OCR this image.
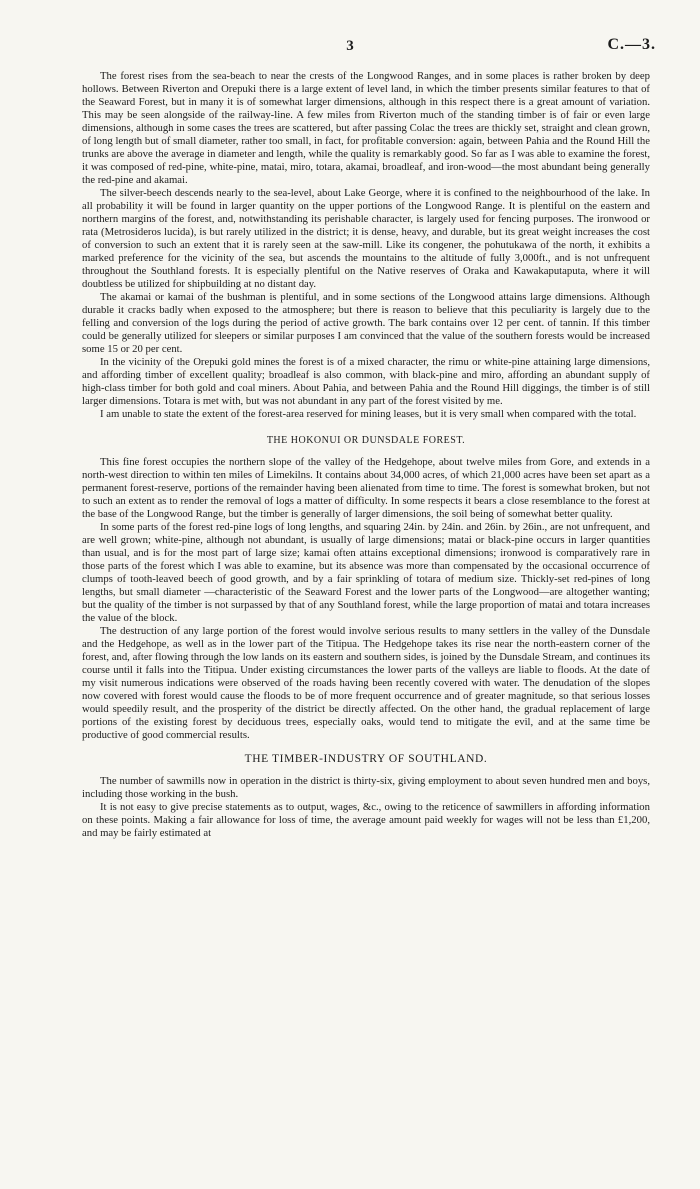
3	C.—3.

The forest rises from the sea-beach to near the crests of the Longwood Ranges, and in some places is rather broken by deep hollows. Between Riverton and Orepuki there is a large extent of level land, in which the timber presents similar features to that of the Seaward Forest, but in many it is of somewhat larger dimensions, although in this respect there is a great amount of variation. This may be seen alongside of the railway-line. A few miles from Riverton much of the standing timber is of fair or even large dimensions, although in some cases the trees are scattered, but after passing Colac the trees are thickly set, straight and clean grown, of long length but of small diameter, rather too small, in fact, for profitable conversion: again, between Pahia and the Round Hill the trunks are above the average in diameter and length, while the quality is remarkably good. So far as I was able to examine the forest, it was composed of red-pine, white-pine, matai, miro, totara, akamai, broadleaf, and iron-wood—the most abundant being generally the red-pine and akamai.

The silver-beech descends nearly to the sea-level, about Lake George, where it is confined to the neighbourhood of the lake. In all probability it will be found in larger quantity on the upper portions of the Longwood Range. It is plentiful on the eastern and northern margins of the forest, and, notwithstanding its perishable character, is largely used for fencing purposes. The ironwood or rata (Metrosideros lucida), is but rarely utilized in the district; it is dense, heavy, and durable, but its great weight increases the cost of conversion to such an extent that it is rarely seen at the saw-mill. Like its congener, the pohutukawa of the north, it exhibits a marked preference for the vicinity of the sea, but ascends the mountains to the altitude of fully 3,000ft., and is not unfrequent throughout the Southland forests. It is especially plentiful on the Native reserves of Oraka and Kawakaputaputa, where it will doubtless be utilized for shipbuilding at no distant day.

The akamai or kamai of the bushman is plentiful, and in some sections of the Longwood attains large dimensions. Although durable it cracks badly when exposed to the atmosphere; but there is reason to believe that this peculiarity is largely due to the felling and conversion of the logs during the period of active growth. The bark contains over 12 per cent. of tannin. If this timber could be generally utilized for sleepers or similar purposes I am convinced that the value of the southern forests would be increased some 15 or 20 per cent.

In the vicinity of the Orepuki gold mines the forest is of a mixed character, the rimu or white-pine attaining large dimensions, and affording timber of excellent quality; broadleaf is also common, with black-pine and miro, affording an abundant supply of high-class timber for both gold and coal miners. About Pahia, and between Pahia and the Round Hill diggings, the timber is of still larger dimensions. Totara is met with, but was not abundant in any part of the forest visited by me.

I am unable to state the extent of the forest-area reserved for mining leases, but it is very small when compared with the total.

THE HOKONUI OR DUNSDALE FOREST.

This fine forest occupies the northern slope of the valley of the Hedgehope, about twelve miles from Gore, and extends in a north-west direction to within ten miles of Limekilns. It contains about 34,000 acres, of which 21,000 acres have been set apart as a permanent forest-reserve, portions of the remainder having been alienated from time to time. The forest is somewhat broken, but not to such an extent as to render the removal of logs a matter of difficulty. In some respects it bears a close resemblance to the forest at the base of the Longwood Range, but the timber is generally of larger dimensions, the soil being of somewhat better quality.

In some parts of the forest red-pine logs of long lengths, and squaring 24in. by 24in. and 26in. by 26in., are not unfrequent, and are well grown; white-pine, although not abundant, is usually of large dimensions; matai or black-pine occurs in larger quantities than usual, and is for the most part of large size; kamai often attains exceptional dimensions; ironwood is comparatively rare in those parts of the forest which I was able to examine, but its absence was more than compensated by the occasional occurrence of clumps of tooth-leaved beech of good growth, and by a fair sprinkling of totara of medium size. Thickly-set red-pines of long lengths, but small diameter —characteristic of the Seaward Forest and the lower parts of the Longwood—are altogether wanting; but the quality of the timber is not surpassed by that of any Southland forest, while the large proportion of matai and totara increases the value of the block.

The destruction of any large portion of the forest would involve serious results to many settlers in the valley of the Dunsdale and the Hedgehope, as well as in the lower part of the Titipua. The Hedgehope takes its rise near the north-eastern corner of the forest, and, after flowing through the low lands on its eastern and southern sides, is joined by the Dunsdale Stream, and continues its course until it falls into the Titipua. Under existing circumstances the lower parts of the valleys are liable to floods. At the date of my visit numerous indications were observed of the roads having been recently covered with water. The denudation of the slopes now covered with forest would cause the floods to be of more frequent occurrence and of greater magnitude, so that serious losses would speedily result, and the prosperity of the district be directly affected. On the other hand, the gradual replacement of large portions of the existing forest by deciduous trees, especially oaks, would tend to mitigate the evil, and at the same time be productive of good commercial results.

THE TIMBER-INDUSTRY OF SOUTHLAND.

The number of sawmills now in operation in the district is thirty-six, giving employment to about seven hundred men and boys, including those working in the bush.

It is not easy to give precise statements as to output, wages, &c., owing to the reticence of sawmillers in affording information on these points. Making a fair allowance for loss of time, the average amount paid weekly for wages will not be less than £1,200, and may be fairly estimated at
